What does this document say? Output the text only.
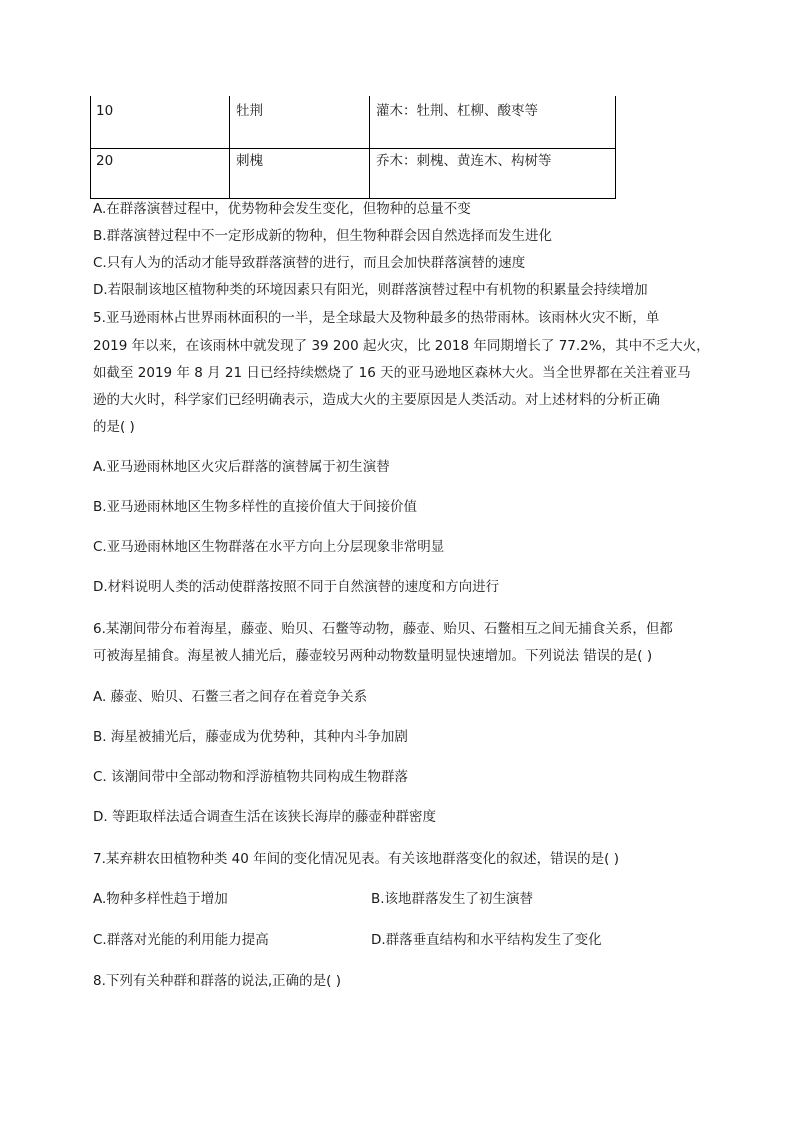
10	牡荆	灌木：牡荆、杠柳、酸枣等
20	刺槐	乔木：刺槐、黄连木、构树等
A.在群落演替过程中，优势物种会发生变化，但物种的总量不变
B.群落演替过程中不一定形成新的物种，但生物种群会因自然选择而发生进化
C.只有人为的活动才能导致群落演替的进行，而且会加快群落演替的速度
D.若限制该地区植物种类的环境因素只有阳光，则群落演替过程中有机物的积累量会持续增加
5.亚马逊雨林占世界雨林面积的一半，是全球最大及物种最多的热带雨林。该雨林火灾不断，单
2019 年以来，在该雨林中就发现了 39 200 起火灾，比 2018 年同期增长了 77.2%，其中不乏大火，
如截至 2019 年 8 月 21 日已经持续燃烧了 16 天的亚马逊地区森林大火。当全世界都在关注着亚马
逊的大火时，科学家们已经明确表示，造成大火的主要原因是人类活动。对上述材料的分析正确
的是( )
A.亚马逊雨林地区火灾后群落的演替属于初生演替
B.亚马逊雨林地区生物多样性的直接价值大于间接价值
C.亚马逊雨林地区生物群落在水平方向上分层现象非常明显
D.材料说明人类的活动使群落按照不同于自然演替的速度和方向进行
6.某潮间带分布着海星，藤壶、贻贝、石鳖等动物，藤壶、贻贝、石鳖相互之间无捕食关系，但都
可被海星捕食。海星被人捕光后，藤壶较另两种动物数量明显快速增加。下列说法 错误的是( )
A. 藤壶、贻贝、石鳖三者之间存在着竞争关系
B. 海星被捕光后，藤壶成为优势种，其种内斗争加剧
C. 该潮间带中全部动物和浮游植物共同构成生物群落
D. 等距取样法适合调查生活在该狭长海岸的藤壶种群密度
7.某弃耕农田植物种类 40 年间的变化情况见表。有关该地群落变化的叙述，错误的是( )
A.物种多样性趋于增加	B.该地群落发生了初生演替
C.群落对光能的利用能力提高	D.群落垂直结构和水平结构发生了变化
8.下列有关种群和群落的说法,正确的是( )
